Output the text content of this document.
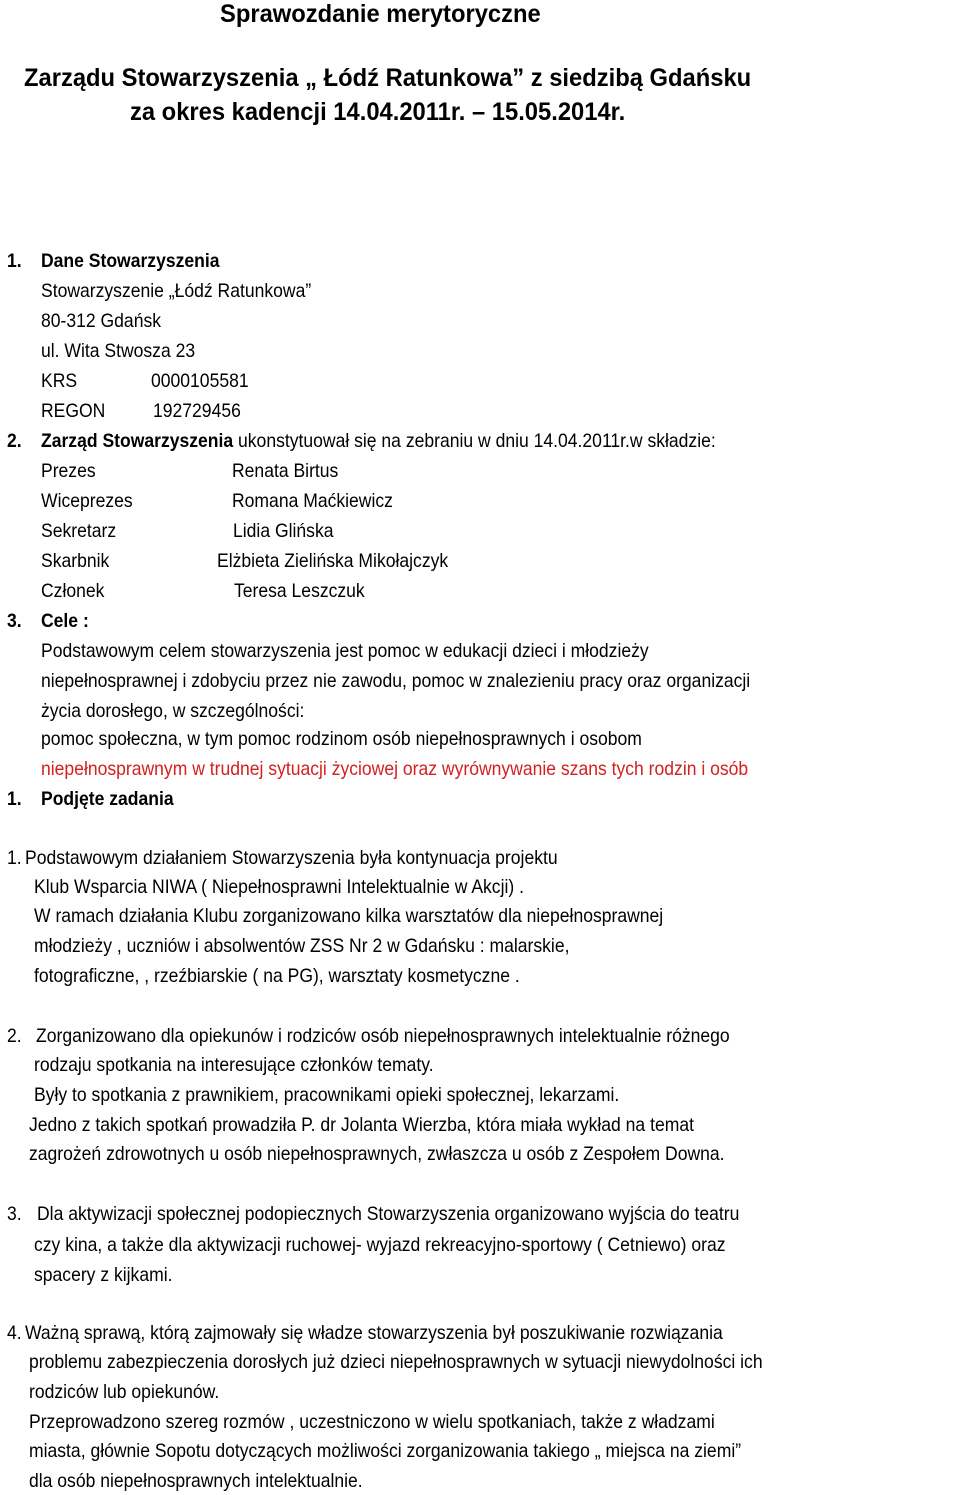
Sprawozdanie merytoryczne
Zarządu Stowarzyszenia „ Łódź Ratunkowa” z siedzibą Gdańsku
za okres kadencji 14.04.2011r. – 15.05.2014r.
1. Dane Stowarzyszenia
Stowarzyszenie „Łódź Ratunkowa”
80-312 Gdańsk
ul. Wita Stwosza 23
KRS	0000105581
REGON 192729456
2. Zarząd Stowarzyszenia ukonstytuował się na zebraniu w dniu 14.04.2011r.w składzie:
Prezes	Renata Birtus
Wiceprezes	Romana Maćkiewicz
Sekretarz	Lidia Glińska
Skarbnik	Elżbieta Zielińska Mikołajczyk
Członek	Teresa Leszczuk
3. Cele :
Podstawowym celem stowarzyszenia jest pomoc w edukacji dzieci i młodzieży
niepełnosprawnej i zdobyciu przez nie zawodu, pomoc w znalezieniu pracy oraz organizacji
życia dorosłego, w szczególności:
pomoc społeczna, w tym pomoc rodzinom osób niepełnosprawnych i osobom
niepełnosprawnym w trudnej sytuacji życiowej oraz wyrównywanie szans tych rodzin i osób
1. Podjęte zadania
1. Podstawowym działaniem Stowarzyszenia była kontynuacja projektu
Klub Wsparcia NIWA ( Niepełnosprawni Intelektualnie w Akcji) .
W ramach działania Klubu zorganizowano kilka warsztatów dla niepełnosprawnej
młodzieży , uczniów i absolwentów ZSS Nr 2 w Gdańsku : malarskie,
fotograficzne, , rzeźbiarskie ( na PG), warsztaty kosmetyczne .
2. Zorganizowano dla opiekunów i rodziców osób niepełnosprawnych intelektualnie różnego
rodzaju spotkania na interesujące członków tematy.
Były to spotkania z prawnikiem, pracownikami opieki społecznej, lekarzami.
Jedno z takich spotkań prowadziła P. dr Jolanta Wierzba, która miała wykład na temat
zagrożeń zdrowotnych u osób niepełnosprawnych, zwłaszcza u osób z Zespołem Downa.
3. Dla aktywizacji społecznej podopiecznych Stowarzyszenia organizowano wyjścia do teatru
czy kina, a także dla aktywizacji ruchowej- wyjazd rekreacyjno-sportowy ( Cetniewo) oraz
spacery z kijkami.
4. Ważną sprawą, którą zajmowały się władze stowarzyszenia był poszukiwanie rozwiązania
problemu zabezpieczenia dorosłych już dzieci niepełnosprawnych w sytuacji niewydolności ich
rodziców lub opiekunów.
Przeprowadzono szereg rozmów , uczestniczono w wielu spotkaniach, także z władzami
miasta, głównie Sopotu dotyczących możliwości zorganizowania takiego „ miejsca na ziemi”
dla osób niepełnosprawnych intelektualnie.
